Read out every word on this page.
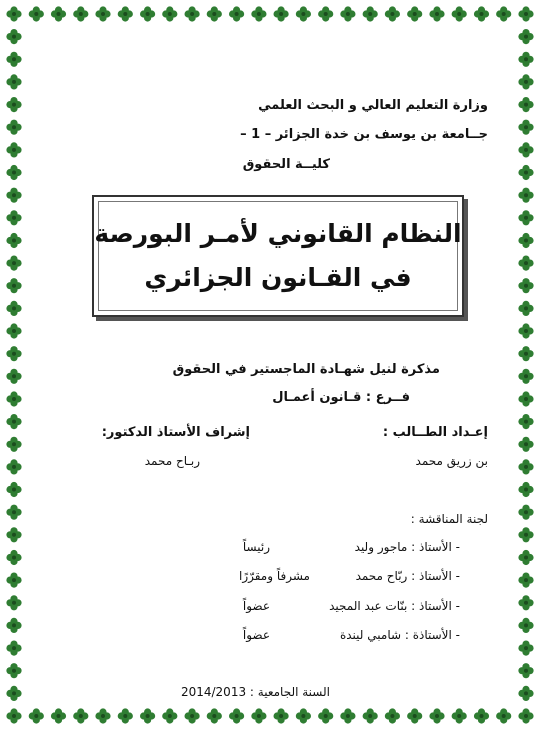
وزارة التعليم العالي و البحث العلمي
جــامعة بن يوسف بن خدة الجزائر – 1 –
كليــة الحقوق
النظام القانوني لأمـر البورصة
في القـانون الجزائري
مذكرة لنيل شهـادة الماجستير في الحقوق
فــرع : قـانون أعمـال
إعـداد الطــالب :
إشراف الأستاذ الدكتور:
بن زريق محمد
ربـاح محمد
لجنة المناقشة :
- الأستاذ : ماجور وليدرئيساً
- الأستاذ : ربّاح محمدمشرفاً ومقرّرًا
- الأستاذ : بنّات عبد المجيدعضواً
- الأستاذة : شامبي ليندةعضواً
السنة الجامعية : 2014/2013
